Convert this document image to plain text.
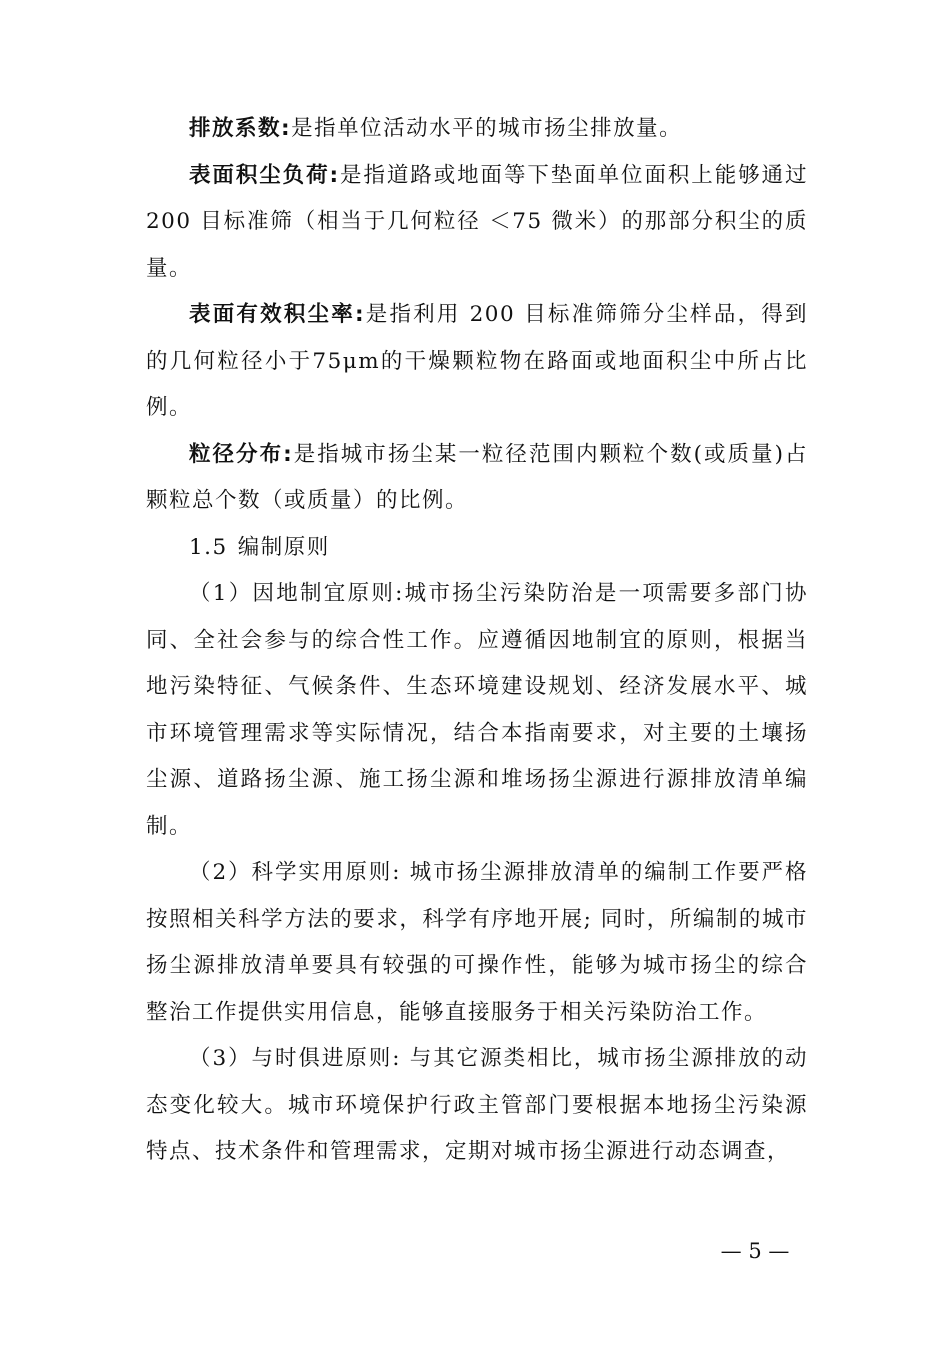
排放系数:是指单位活动水平的城市扬尘排放量。

表面积尘负荷:是指道路或地面等下垫面单位面积上能够通过 200 目标准筛（相当于几何粒径 ＜75 微米）的那部分积尘的质量。

表面有效积尘率:是指利用 200 目标准筛筛分尘样品，得到的几何粒径小于75μm的干燥颗粒物在路面或地面积尘中所占比例。

粒径分布:是指城市扬尘某一粒径范围内颗粒个数(或质量)占颗粒总个数（或质量）的比例。

1.5 编制原则

（1）因地制宜原则:城市扬尘污染防治是一项需要多部门协同、全社会参与的综合性工作。应遵循因地制宜的原则，根据当地污染特征、气候条件、生态环境建设规划、经济发展水平、城市环境管理需求等实际情况，结合本指南要求，对主要的土壤扬尘源、道路扬尘源、施工扬尘源和堆场扬尘源进行源排放清单编制。

（2）科学实用原则: 城市扬尘源排放清单的编制工作要严格按照相关科学方法的要求，科学有序地开展; 同时，所编制的城市扬尘源排放清单要具有较强的可操作性，能够为城市扬尘的综合整治工作提供实用信息，能够直接服务于相关污染防治工作。

（3）与时俱进原则: 与其它源类相比，城市扬尘源排放的动态变化较大。城市环境保护行政主管部门要根据本地扬尘污染源特点、技术条件和管理需求，定期对城市扬尘源进行动态调查，

— 5 —
